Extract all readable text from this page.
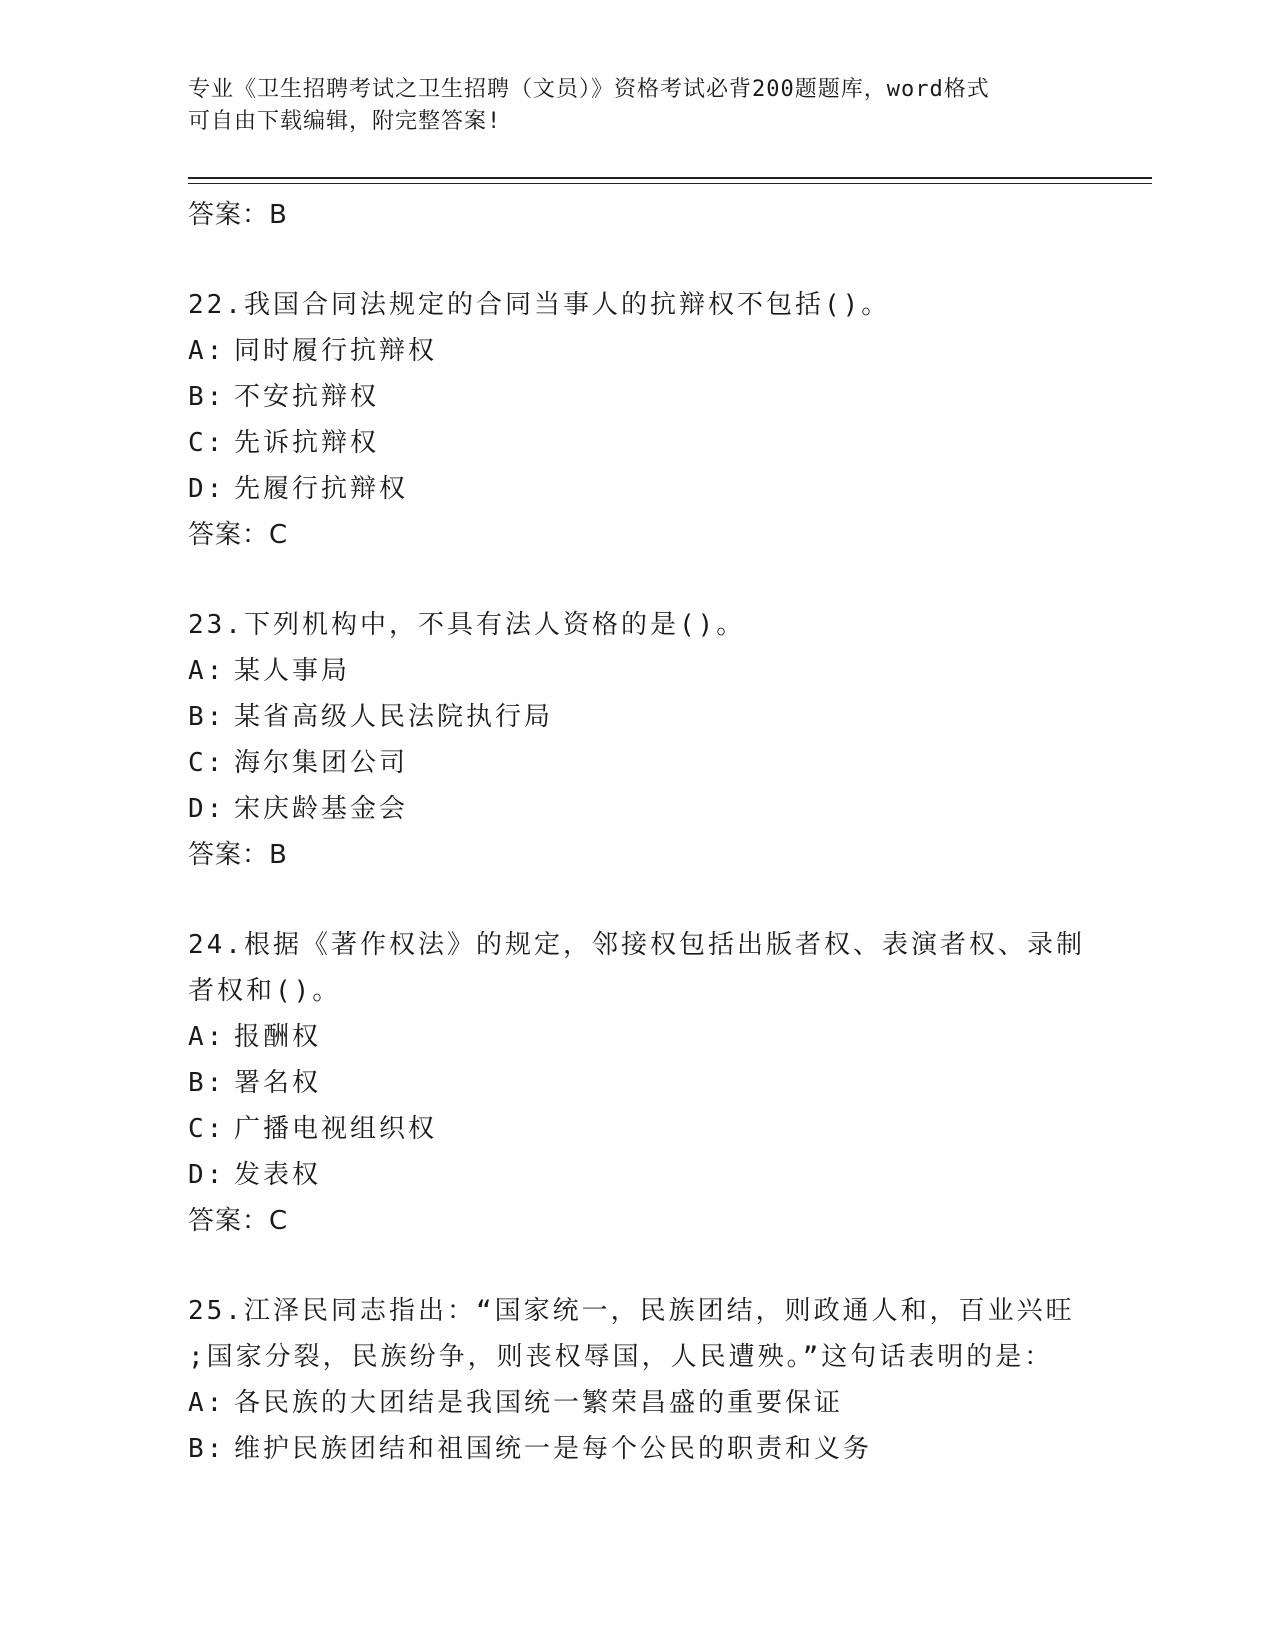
专业《卫生招聘考试之卫生招聘（文员）》资格考试必背200题题库，word格式
可自由下载编辑，附完整答案!
答案：B
22.我国合同法规定的合同当事人的抗辩权不包括()。
A: 同时履行抗辩权
B: 不安抗辩权
C: 先诉抗辩权
D: 先履行抗辩权
答案：C
23.下列机构中，不具有法人资格的是()。
A: 某人事局
B: 某省高级人民法院执行局
C: 海尔集团公司
D: 宋庆龄基金会
答案：B
24.根据《著作权法》的规定，邻接权包括出版者权、表演者权、录制
者权和()。
A: 报酬权
B: 署名权
C: 广播电视组织权
D: 发表权
答案：C
25.江泽民同志指出：“国家统一，民族团结，则政通人和，百业兴旺
;国家分裂，民族纷争，则丧权辱国，人民遭殃。”这句话表明的是：
A: 各民族的大团结是我国统一繁荣昌盛的重要保证
B: 维护民族团结和祖国统一是每个公民的职责和义务
